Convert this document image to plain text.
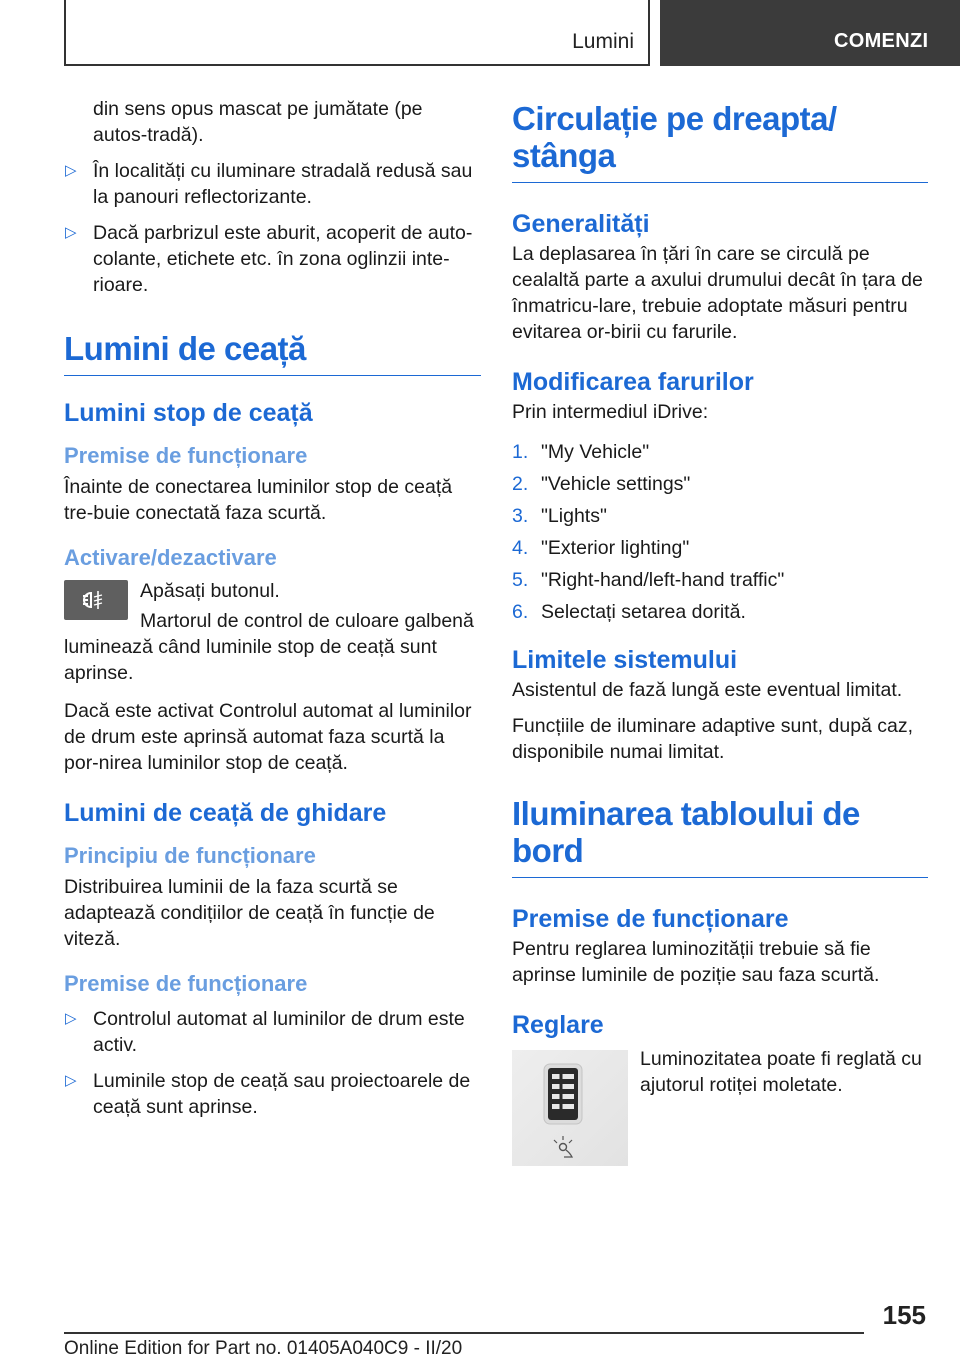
Lumini	COMENZI

din sens opus mascat pe jumătate (pe autos‐tradă).

▷ În localități cu iluminare stradală redusă sau la panouri reflectorizante.
▷ Dacă parbrizul este aburit, acoperit de auto‐colante, etichete etc. în zona oglinzii inte‐rioare.
Lumini de ceață
Lumini stop de ceață
Premise de funcționare

Înainte de conectarea luminilor stop de ceață tre‐buie conectată faza scurtă.

Activare/dezactivare

Apăsați butonul.

Martorul de control de culoare galbenă luminează când luminile stop de ceață sunt aprinse.

Dacă este activat Controlul automat al luminilor de drum este aprinsă automat faza scurtă la por‐nirea luminilor stop de ceață.

Lumini de ceață de ghidare
Principiu de funcționare

Distribuirea luminii de la faza scurtă se adaptează condițiilor de ceață în funcție de viteză.

Premise de funcționare
▷ Controlul automat al luminilor de drum este activ.
▷ Luminile stop de ceață sau proiectoarele de ceață sunt aprinse.
Circulație pe dreapta/ stânga
Generalități

La deplasarea în țări în care se circulă pe cealaltă parte a axului drumului decât în țara de înmatricu‐lare, trebuie adoptate măsuri pentru evitarea or‐birii cu farurile.

Modificarea farurilor

Prin intermediul iDrive:

1. "My Vehicle"
2. "Vehicle settings"
3. "Lights"
4. "Exterior lighting"
5. "Right-hand/left-hand traffic"
6. Selectați setarea dorită.
Limitele sistemului

Asistentul de fază lungă este eventual limitat.

Funcțiile de iluminare adaptive sunt, după caz, disponibile numai limitat.

Iluminarea tabloului de bord
Premise de funcționare

Pentru reglarea luminozității trebuie să fie aprinse luminile de poziție sau faza scurtă.

Reglare

Luminozitatea poate fi reglată cu ajutorul rotiței moletate.

155
Online Edition for Part no. 01405A040C9 - II/20
